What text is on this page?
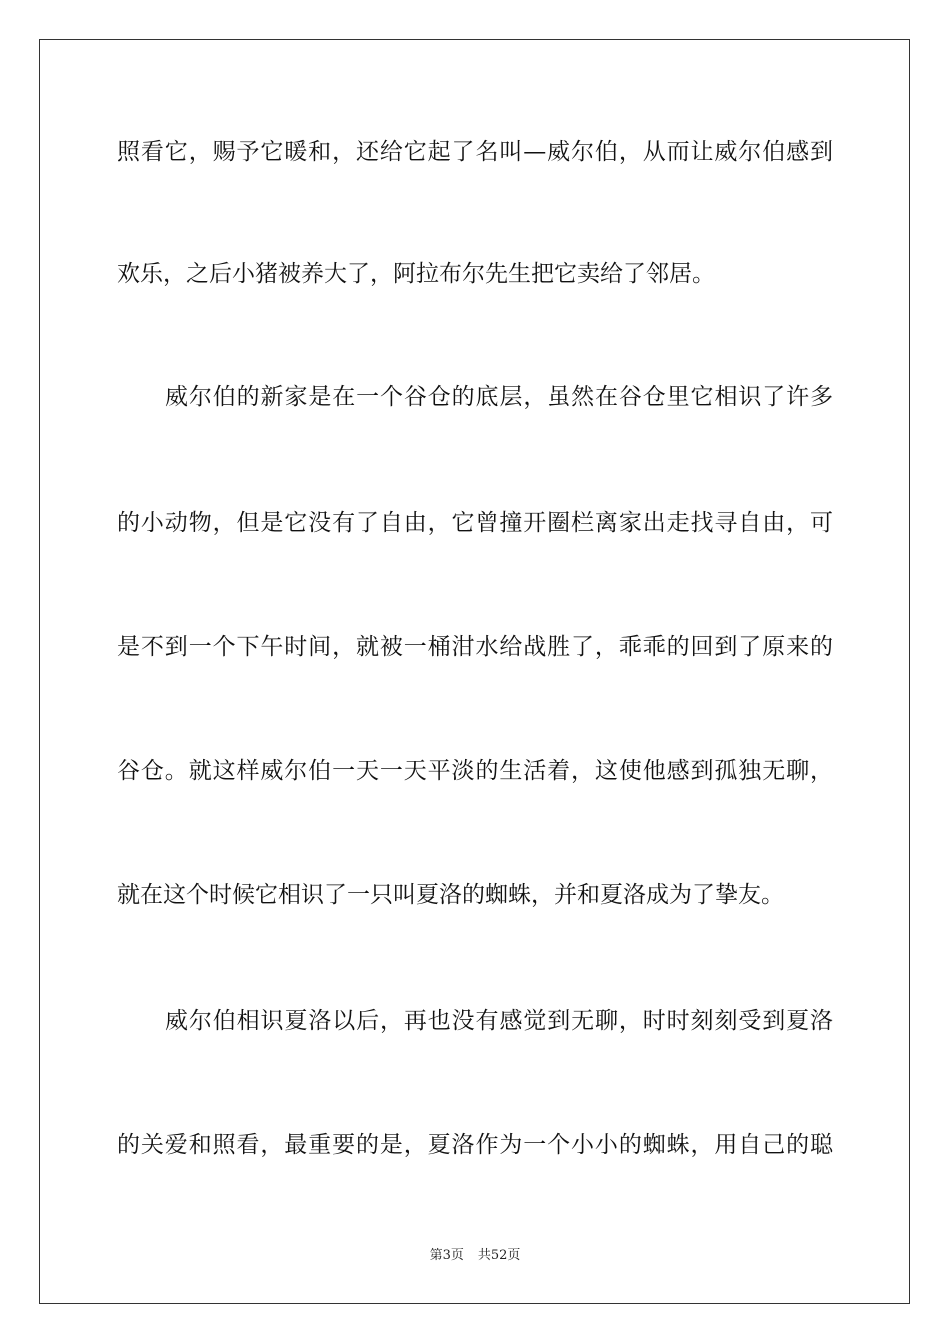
照看它，赐予它暖和，还给它起了名叫—威尔伯，从而让威尔伯感到
欢乐，之后小猪被养大了，阿拉布尔先生把它卖给了邻居。
威尔伯的新家是在一个谷仓的底层，虽然在谷仓里它相识了许多
的小动物，但是它没有了自由，它曾撞开圈栏离家出走找寻自由，可
是不到一个下午时间，就被一桶泔水给战胜了，乖乖的回到了原来的
谷仓。就这样威尔伯一天一天平淡的生活着，这使他感到孤独无聊，
就在这个时候它相识了一只叫夏洛的蜘蛛，并和夏洛成为了挚友。
威尔伯相识夏洛以后，再也没有感觉到无聊，时时刻刻受到夏洛
的关爱和照看，最重要的是，夏洛作为一个小小的蜘蛛，用自己的聪
第3页 共52页
